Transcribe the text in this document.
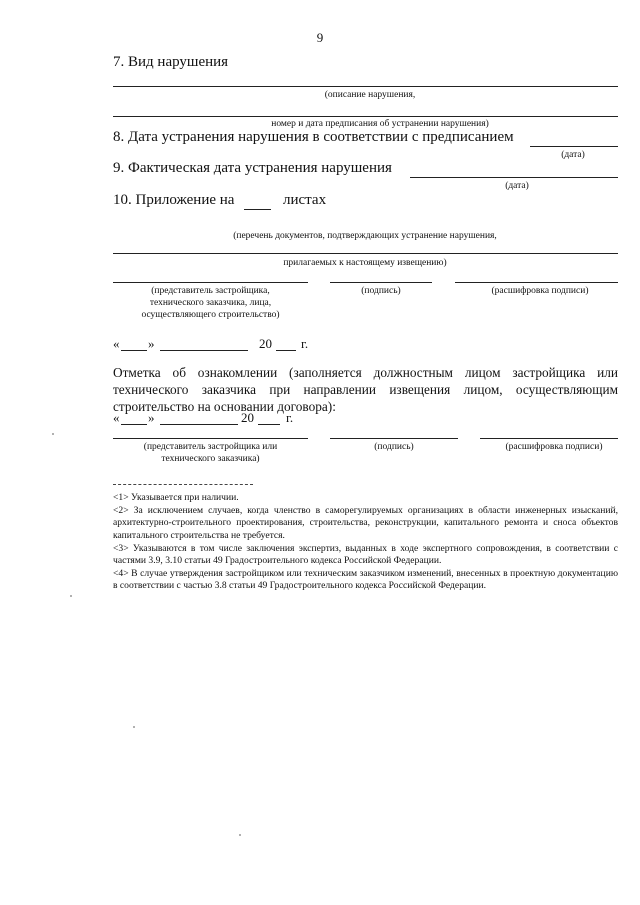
9
7. Вид нарушения
(описание нарушения,
номер и дата предписания об устранении нарушения)
8. Дата устранения нарушения в соответствии с предписанием
(дата)
9. Фактическая дата устранения нарушения
(дата)
10. Приложение на	листах
(перечень документов, подтверждающих устранение нарушения,
прилагаемых к настоящему извещению)
(представитель застройщика,
технического заказчика, лица,
осуществляющего строительство)
(подпись)	(расшифровка подписи)
« »	20 г.
Отметка об ознакомлении (заполняется должностным лицом застройщика или технического заказчика при направлении извещения лицом, осуществляющим строительство на основании договора):
« »	20 г.
(представитель застройщика или
технического заказчика)
(подпись)	(расшифровка подписи)
<1> Указывается при наличии.
<2> За исключением случаев, когда членство в саморегулируемых организациях в области инженерных изысканий, архитектурно-строительного проектирования, строительства, реконструкции, капитального ремонта и сноса объектов капитального строительства не требуется.
<3> Указываются в том числе заключения экспертиз, выданных в ходе экспертного сопровождения, в соответствии с частями 3.9, 3.10 статьи 49 Градостроительного кодекса Российской Федерации.
<4> В случае утверждения застройщиком или техническим заказчиком изменений, внесенных в проектную документацию в соответствии с частью 3.8 статьи 49 Градостроительного кодекса Российской Федерации.
